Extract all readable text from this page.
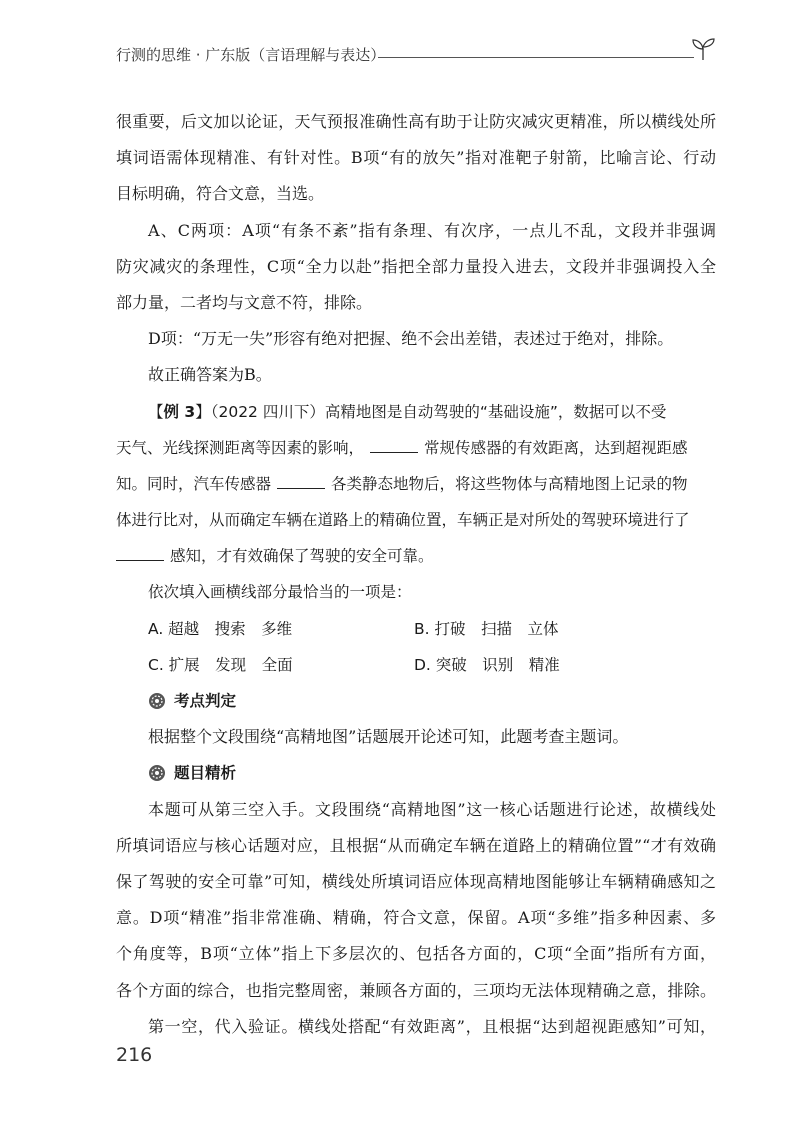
行测的思维 · 广东版（言语理解与表达）
很重要，后文加以论证，天气预报准确性高有助于让防灾减灾更精准，所以横线处所
填词语需体现精准、有针对性。B项“有的放矢”指对准靶子射箭，比喻言论、行动
目标明确，符合文意，当选。
A、C两项：A项“有条不紊”指有条理、有次序，一点儿不乱，文段并非强调
防灾减灾的条理性，C项“全力以赴”指把全部力量投入进去，文段并非强调投入全
部力量，二者均与文意不符，排除。
D项：“万无一失”形容有绝对把握、绝不会出差错，表述过于绝对，排除。
故正确答案为B。
【例 3】（2022 四川下）高精地图是自动驾驶的“基础设施”，数据可以不受
天气、光线探测距离等因素的影响，	常规传感器的有效距离，达到超视距感
知。同时，汽车传感器	各类静态地物后，将这些物体与高精地图上记录的物
体进行比对，从而确定车辆在道路上的精确位置，车辆正是对所处的驾驶环境进行了
感知，才有效确保了驾驶的安全可靠。
依次填入画横线部分最恰当的一项是：
A. 超越　搜索　多维	B. 打破　扫描　立体
C. 扩展　发现　全面	D. 突破　识别　精准
考点判定
根据整个文段围绕“高精地图”话题展开论述可知，此题考查主题词。
题目精析
本题可从第三空入手。文段围绕“高精地图”这一核心话题进行论述，故横线处
所填词语应与核心话题对应，且根据“从而确定车辆在道路上的精确位置”“才有效确
保了驾驶的安全可靠”可知，横线处所填词语应体现高精地图能够让车辆精确感知之
意。D项“精准”指非常准确、精确，符合文意，保留。A项“多维”指多种因素、多
个角度等，B项“立体”指上下多层次的、包括各方面的，C项“全面”指所有方面，
各个方面的综合，也指完整周密，兼顾各方面的，三项均无法体现精确之意，排除。
第一空，代入验证。横线处搭配“有效距离”，且根据“达到超视距感知”可知，
216
